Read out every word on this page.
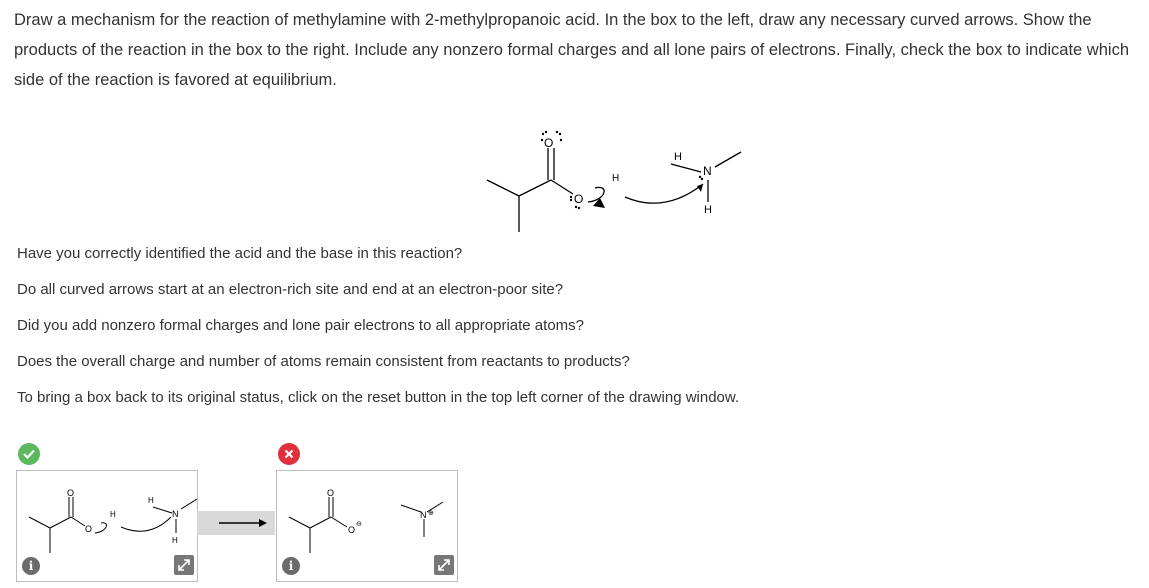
Draw a mechanism for the reaction of methylamine with 2-methylpropanoic acid. In the box to the left, draw any necessary curved arrows. Show the products of the reaction in the box to the right. Include any nonzero formal charges and all lone pairs of electrons. Finally, check the box to indicate which side of the reaction is favored at equilibrium.
O
O
H
H
N
H
Have you correctly identified the acid and the base in this reaction?
Do all curved arrows start at an electron-rich site and end at an electron-poor site?
Did you add nonzero formal charges and lone pair electrons to all appropriate atoms?
Does the overall charge and number of atoms remain consistent from reactants to products?
To bring a box back to its original status, click on the reset button in the top left corner of the drawing window.
O
O
H
H
N
H
i
O
O
⊖
N ⊕
i
